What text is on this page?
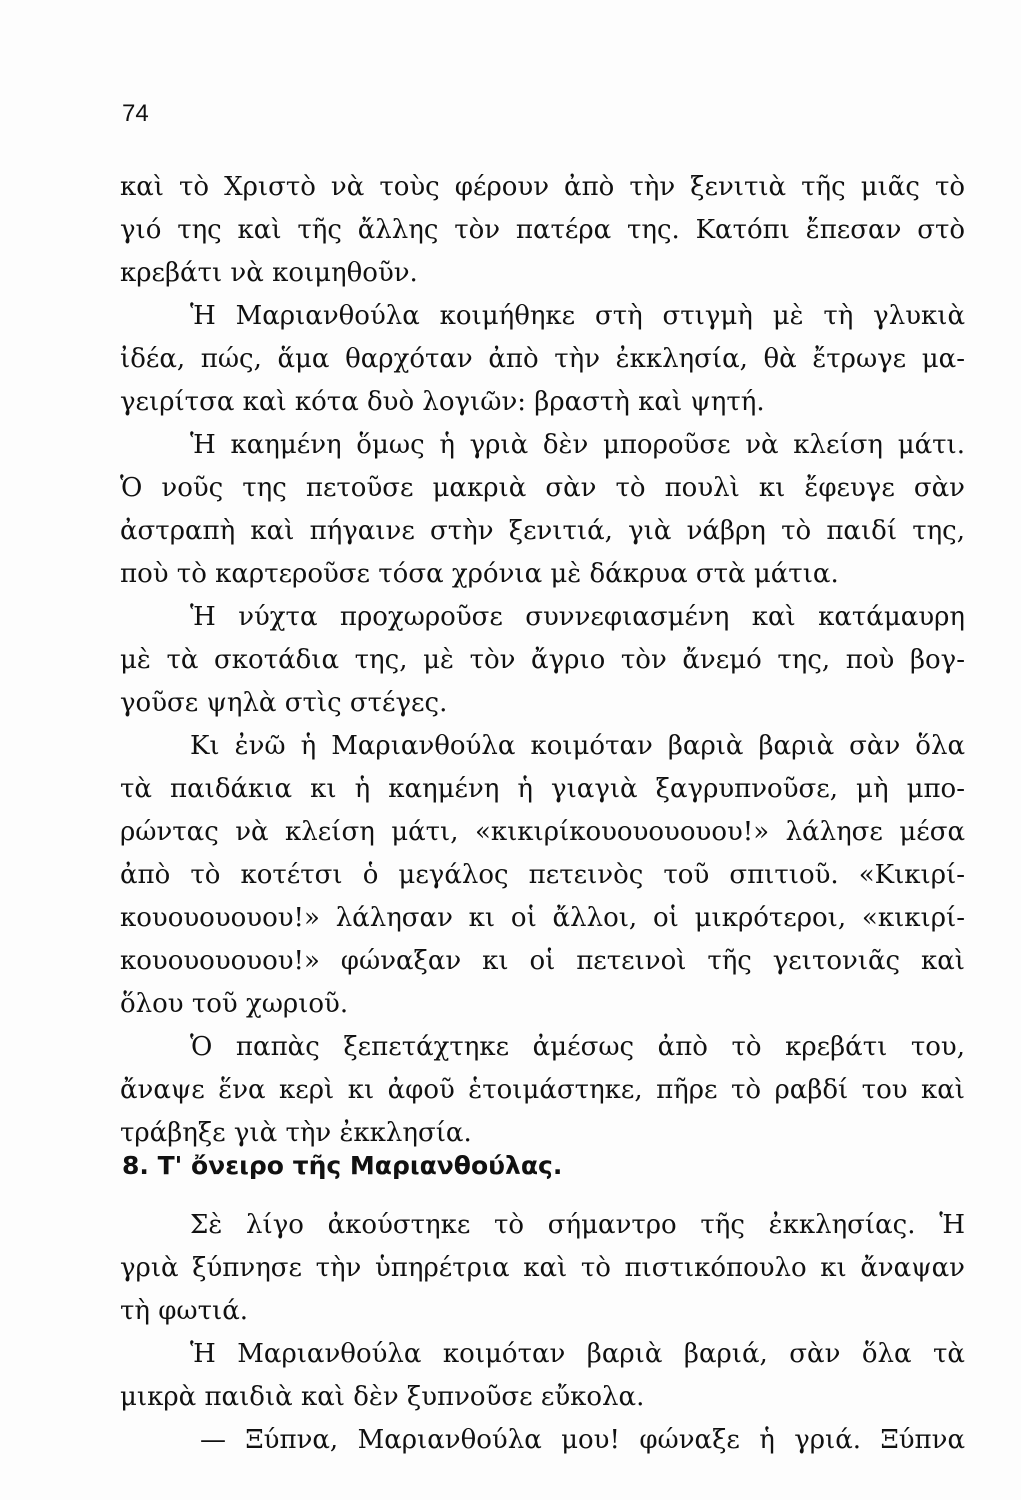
74
καὶ τὸ Χριστὸ νὰ τοὺς φέρουν ἀπὸ τὴν ξενιτιὰ τῆς μιᾶς τὸ
γιό της καὶ τῆς ἄλλης τὸν πατέρα της. Κατόπι ἔπεσαν στὸ
κρεβάτι νὰ κοιμηθοῦν.
Ἡ Μαριανθούλα κοιμήθηκε στὴ στιγμὴ μὲ τὴ γλυκιὰ
ἰδέα, πώς, ἅμα θαρχόταν ἀπὸ τὴν ἐκκλησία, θὰ ἔτρωγε μα-
γειρίτσα καὶ κότα δυὸ λογιῶν: βραστὴ καὶ ψητή.
Ἡ καημένη ὅμως ἡ γριὰ δὲν μποροῦσε νὰ κλείση μάτι.
Ὁ νοῦς της πετοῦσε μακριὰ σὰν τὸ πουλὶ κι ἔφευγε σὰν
ἀστραπὴ καὶ πήγαινε στὴν ξενιτιά, γιὰ νάβρη τὸ παιδί της,
ποὺ τὸ καρτεροῦσε τόσα χρόνια μὲ δάκρυα στὰ μάτια.
Ἡ νύχτα προχωροῦσε συννεφιασμένη καὶ κατάμαυρη
μὲ τὰ σκοτάδια της, μὲ τὸν ἄγριο τὸν ἄνεμό της, ποὺ βογ-
γοῦσε ψηλὰ στὶς στέγες.
Κι ἐνῶ ἡ Μαριανθούλα κοιμόταν βαριὰ βαριὰ σὰν ὅλα
τὰ παιδάκια κι ἡ καημένη ἡ γιαγιὰ ξαγρυπνοῦσε, μὴ μπο-
ρώντας νὰ κλείση μάτι, «κικιρίκουουουουου!» λάλησε μέσα
ἀπὸ τὸ κοτέτσι ὁ μεγάλος πετεινὸς τοῦ σπιτιοῦ. «Κικιρί-
κουουουουου!» λάλησαν κι οἱ ἄλλοι, οἱ μικρότεροι, «κικιρί-
κουουουουου!» φώναξαν κι οἱ πετεινοὶ τῆς γειτονιᾶς καὶ
ὅλου τοῦ χωριοῦ.
Ὁ παπὰς ξεπετάχτηκε ἀμέσως ἀπὸ τὸ κρεβάτι του,
ἄναψε ἕνα κερὶ κι ἀφοῦ ἑτοιμάστηκε, πῆρε τὸ ραβδί του καὶ
τράβηξε γιὰ τὴν ἐκκλησία.
8. Τ' ὄνειρο τῆς Μαριανθούλας.
Σὲ λίγο ἀκούστηκε τὸ σήμαντρο τῆς ἐκκλησίας. Ἡ
γριὰ ξύπνησε τὴν ὑπηρέτρια καὶ τὸ πιστικόπουλο κι ἄναψαν
τὴ φωτιά.
Ἡ Μαριανθούλα κοιμόταν βαριὰ βαριά, σὰν ὅλα τὰ
μικρὰ παιδιὰ καὶ δὲν ξυπνοῦσε εὔκολα.
— Ξύπνα, Μαριανθούλα μου! φώναξε ἡ γριά. Ξύπνα
